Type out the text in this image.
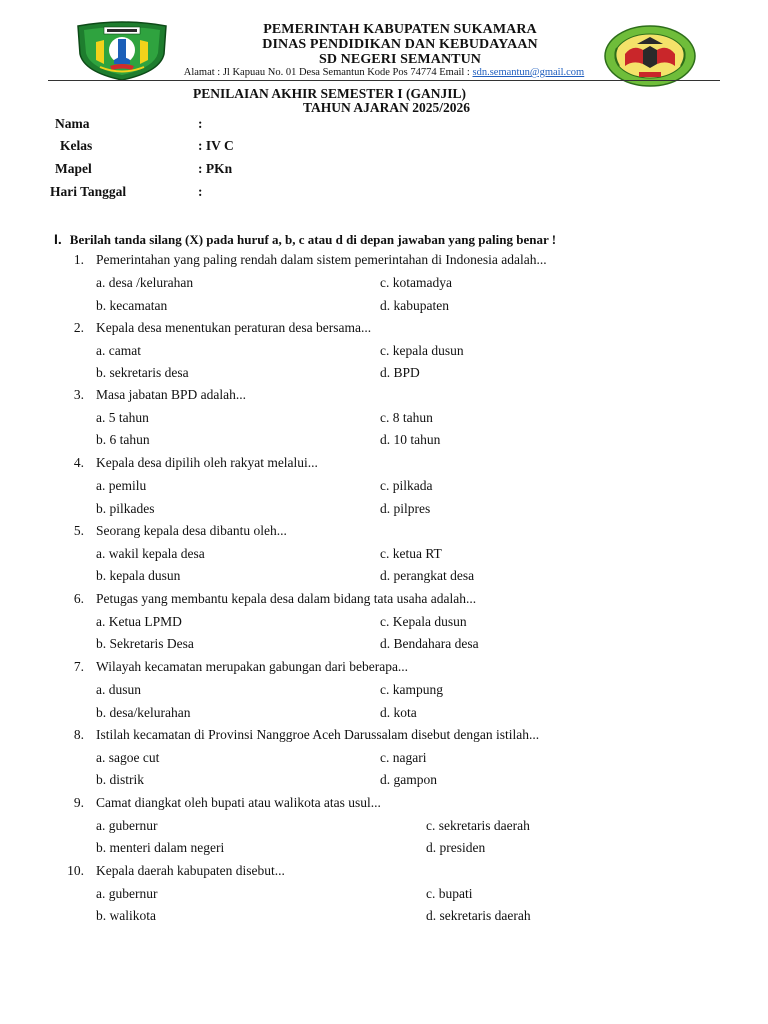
PEMERINTAH KABUPATEN SUKAMARA
DINAS PENDIDIKAN DAN KEBUDAYAAN
SD NEGERI SEMANTUN
Alamat : Jl Kapuau No. 01 Desa Semantun Kode Pos 74774 Email : sdn.semantun@gmail.com
PENILAIAN AKHIR SEMESTER I (GANJIL)
TAHUN AJARAN 2025/2026
Nama	:
Kelas	: IV C
Mapel	: PKn
Hari Tanggal	:
I. Berilah tanda silang (X) pada huruf a, b, c atau d di depan jawaban yang paling benar !
1. Pemerintahan yang paling rendah dalam sistem pemerintahan di Indonesia adalah...
a. desa /kelurahan	c. kotamadya
b. kecamatan	d. kabupaten
2. Kepala desa menentukan peraturan desa bersama...
a. camat	c. kepala dusun
b. sekretaris desa	d. BPD
3. Masa jabatan BPD adalah...
a. 5 tahun	c. 8 tahun
b. 6 tahun	d. 10 tahun
4. Kepala desa dipilih oleh rakyat melalui...
a. pemilu	c. pilkada
b. pilkades	d. pilpres
5. Seorang kepala desa dibantu oleh...
a. wakil kepala desa	c. ketua RT
b. kepala dusun	d. perangkat desa
6. Petugas yang membantu kepala desa dalam bidang tata usaha adalah...
a. Ketua LPMD	c. Kepala dusun
b. Sekretaris Desa	d. Bendahara desa
7. Wilayah kecamatan merupakan gabungan dari beberapa...
a. dusun	c. kampung
b. desa/kelurahan	d. kota
8. Istilah kecamatan di Provinsi Nanggroe Aceh Darussalam disebut dengan istilah...
a. sagoe cut	c. nagari
b. distrik	d. gampon
9. Camat diangkat oleh bupati atau walikota atas usul...
a. gubernur	c. sekretaris daerah
b. menteri dalam negeri	d. presiden
10. Kepala daerah kabupaten disebut...
a. gubernur	c. bupati
b. walikota	d. sekretaris daerah
